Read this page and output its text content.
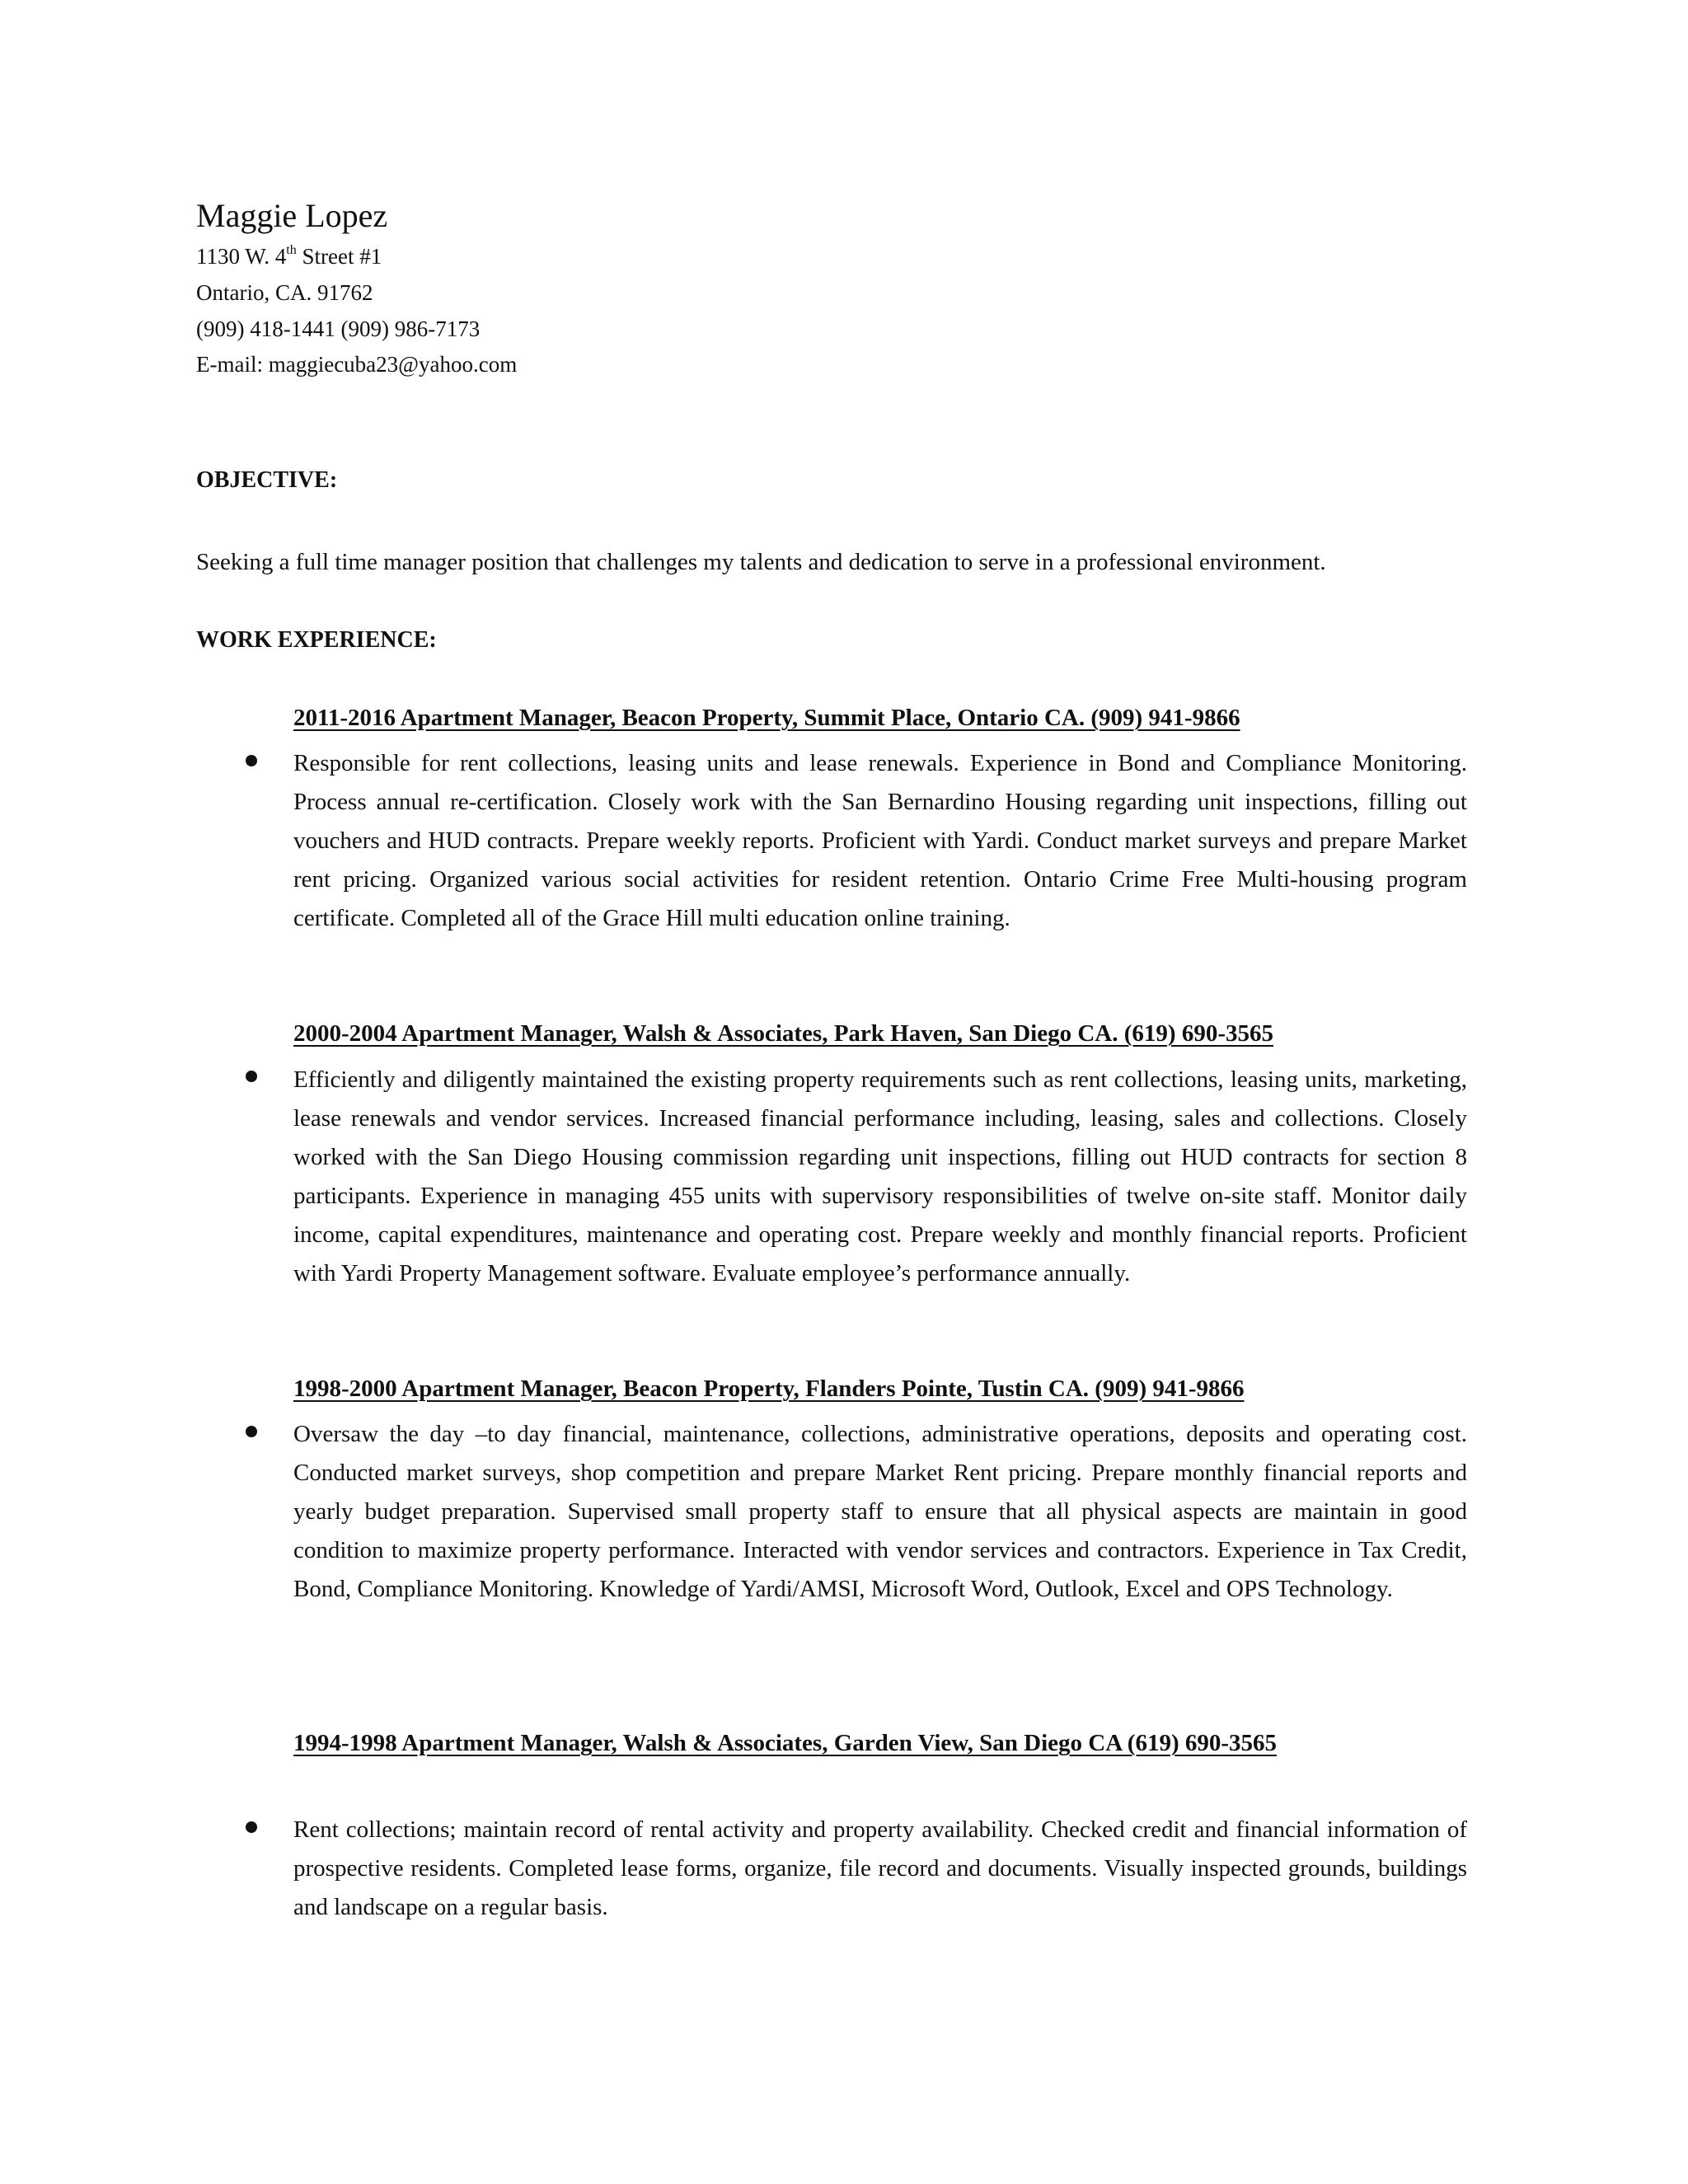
Maggie Lopez
1130 W. 4th Street #1
Ontario, CA. 91762
(909) 418-1441 (909) 986-7173
E-mail: maggiecuba23@yahoo.com
OBJECTIVE:
Seeking a full time manager position that challenges my talents and dedication to serve in a professional environment.
WORK EXPERIENCE:
2011-2016 Apartment Manager, Beacon Property, Summit Place, Ontario CA. (909) 941-9866
Responsible for rent collections, leasing units and lease renewals. Experience in Bond and Compliance Monitoring. Process annual re-certification. Closely work with the San Bernardino Housing regarding unit inspections, filling out vouchers and HUD contracts. Prepare weekly reports. Proficient with Yardi. Conduct market surveys and prepare Market rent pricing. Organized various social activities for resident retention. Ontario Crime Free Multi-housing program certificate. Completed all of the Grace Hill multi education online training.
2000-2004 Apartment Manager, Walsh & Associates, Park Haven, San Diego CA. (619) 690-3565
Efficiently and diligently maintained the existing property requirements such as rent collections, leasing units, marketing, lease renewals and vendor services. Increased financial performance including, leasing, sales and collections. Closely worked with the San Diego Housing commission regarding unit inspections, filling out HUD contracts for section 8 participants. Experience in managing 455 units with supervisory responsibilities of twelve on-site staff. Monitor daily income, capital expenditures, maintenance and operating cost. Prepare weekly and monthly financial reports. Proficient with Yardi Property Management software. Evaluate employee’s performance annually.
1998-2000 Apartment Manager, Beacon Property, Flanders Pointe, Tustin CA. (909) 941-9866
Oversaw the day –to day financial, maintenance, collections, administrative operations, deposits and operating cost. Conducted market surveys, shop competition and prepare Market Rent pricing. Prepare monthly financial reports and yearly budget preparation. Supervised small property staff to ensure that all physical aspects are maintain in good condition to maximize property performance. Interacted with vendor services and contractors. Experience in Tax Credit, Bond, Compliance Monitoring. Knowledge of Yardi/AMSI, Microsoft Word, Outlook, Excel and OPS Technology.
1994-1998 Apartment Manager, Walsh & Associates, Garden View, San Diego CA (619) 690-3565
Rent collections; maintain record of rental activity and property availability. Checked credit and financial information of prospective residents. Completed lease forms, organize, file record and documents. Visually inspected grounds, buildings and landscape on a regular basis.
